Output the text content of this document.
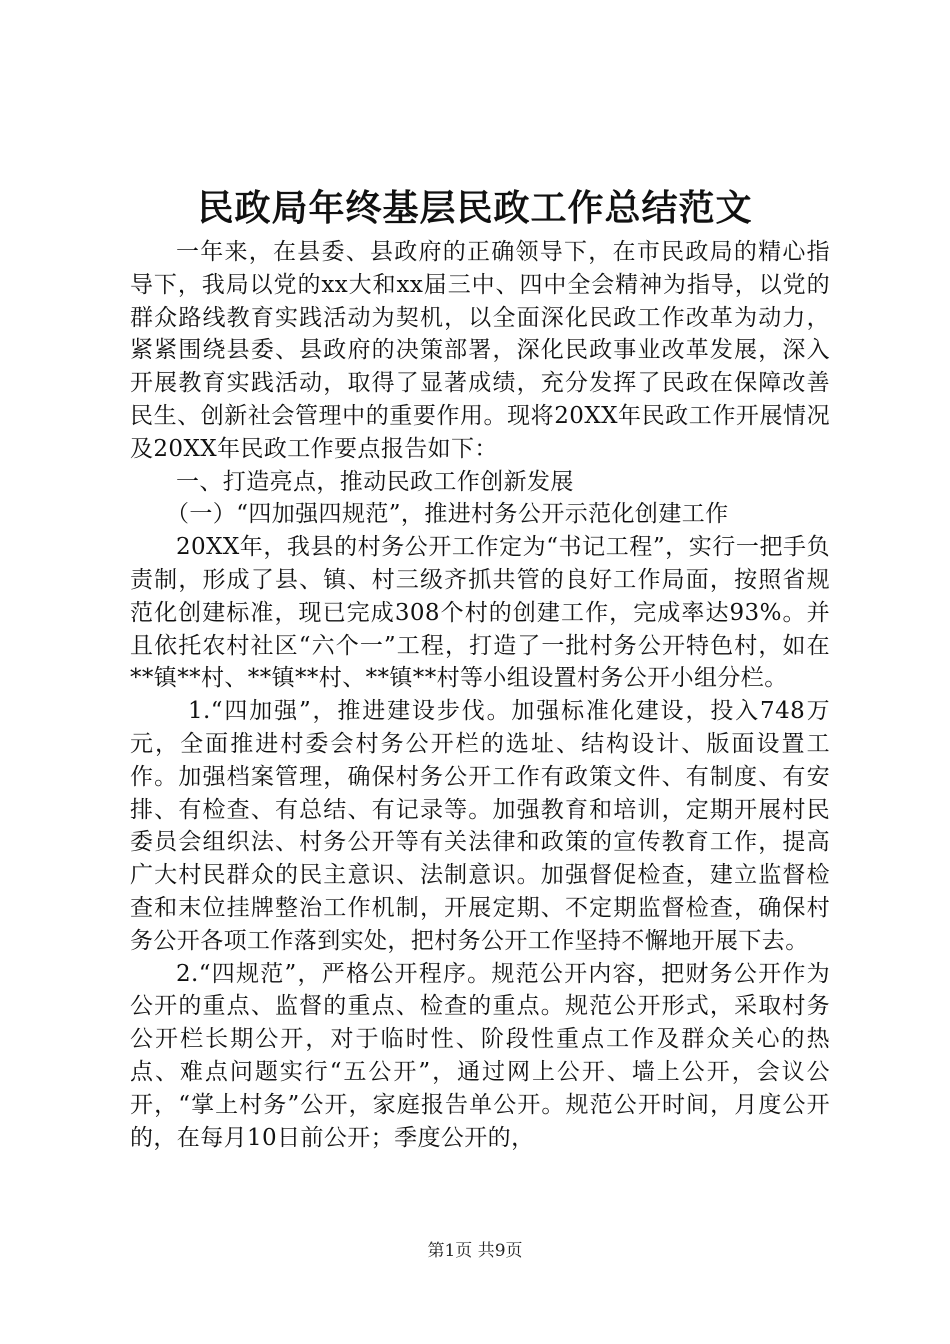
民政局年终基层民政工作总结范文

一年来，在县委、县政府的正确领导下，在市民政局的精心指导下，我局以党的xx大和xx届三中、四中全会精神为指导，以党的群众路线教育实践活动为契机，以全面深化民政工作改革为动力，紧紧围绕县委、县政府的决策部署，深化民政事业改革发展，深入开展教育实践活动，取得了显著成绩，充分发挥了民政在保障改善民生、创新社会管理中的重要作用。现将20XX年民政工作开展情况及20XX年民政工作要点报告如下：

一、打造亮点，推动民政工作创新发展

（一）“四加强四规范”，推进村务公开示范化创建工作

20XX年，我县的村务公开工作定为“书记工程”，实行一把手负责制，形成了县、镇、村三级齐抓共管的良好工作局面，按照省规范化创建标准，现已完成308个村的创建工作，完成率达93%。并且依托农村社区“六个一”工程，打造了一批村务公开特色村，如在**镇**村、**镇**村、**镇**村等小组设置村务公开小组分栏。

1.“四加强”，推进建设步伐。加强标准化建设，投入748万元，全面推进村委会村务公开栏的选址、结构设计、版面设置工作。加强档案管理，确保村务公开工作有政策文件、有制度、有安排、有检查、有总结、有记录等。加强教育和培训，定期开展村民委员会组织法、村务公开等有关法律和政策的宣传教育工作，提高广大村民群众的民主意识、法制意识。加强督促检查，建立监督检查和末位挂牌整治工作机制，开展定期、不定期监督检查，确保村务公开各项工作落到实处，把村务公开工作坚持不懈地开展下去。

2.“四规范”，严格公开程序。规范公开内容，把财务公开作为公开的重点、监督的重点、检查的重点。规范公开形式，采取村务公开栏长期公开，对于临时性、阶段性重点工作及群众关心的热点、难点问题实行“五公开”，通过网上公开、墙上公开，会议公开，“掌上村务”公开，家庭报告单公开。规范公开时间，月度公开的，在每月10日前公开；季度公开的，

第1页 共9页
